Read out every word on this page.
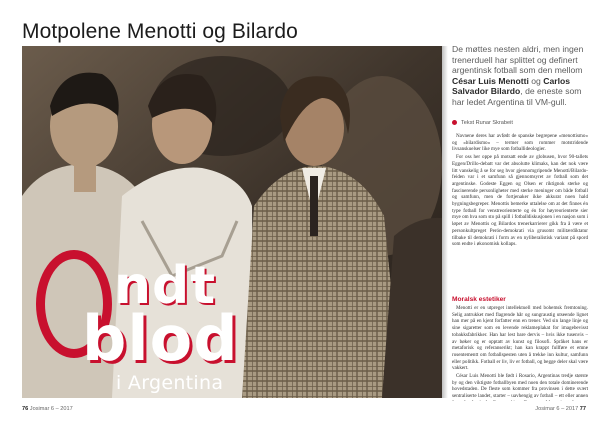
Motpolene Menotti og Bilardo
ndt
blod
i Argentina
De møttes nesten aldri, men ingen trenerduell har splittet og definert argentinsk fotball som den mellom César Luis Menotti og Carlos Salvador Bilardo, de eneste som har ledet Argentina til VM-gull.
Tekst Runar Skrabeit

Navnene deres har avfødt de spanske begrepene «menottismo» og «bilardismo» – termer som rommer motstridende livsanskuelser like mye som fotballideologier.

For oss her oppe på motsatt ende av globusen, hvor 90-tallets Eggen/Drillo-debatt var det absolutte klimaks, kan det nok være litt vanskelig å se for seg hvor gjennomgripende Menotti/Bilardo-feiden var i et samfunn så gjennomsyret av fotball som det argentinske. Godeste Eggen og Olsen er riktignok sterke og fascinerende personligheter med sterke meninger om både fotball og samfunn, men de fortjenaker ikke akkurat noen hald bygningsbegreper. Menottis bemerke uttalelse om at det finnes én type fotball for venstreorienterte og én for høyreorienterte sier mye om hva som sto på spill i fotballdiskusjonen i en nasjon som i løpet av Menottis og Bilardos trenerkarrierer gikk fra å være et personkultpreget Perón-demokrati via grusomt militærdiktatur tilbake til demokrati i form av en nyliberalistisk variant på spord som endte i økonomisk kollaps.

Moralsk estetiker

Menotti er en utpreget intellektuell med bohemsk fremtoning. Selig antrukket med flagrende hår og sungraustig utseende lignet han mer på en kjent forfatter enn en trener. Ved sin lange linje og sine sigaretter som en levende reklameplakat for imagebevisst tobakksfabrikker. Han har lest bare dervis – hvis ikke tusenvis – av bøker og er opptatt av kunst og filosofi. Språket hans er metaforisk og referanserikt; han kan krappt fullføre et emne rosentementt om fotballspesten uten å trekke inn kultur, samfunn eller politikk. Fotball er liv, liv er fotball, og begge deler skal være vakkert.

César Luis Menotti ble født i Rosario, Argentinas tredje største by og den viktigste fotballbyen med noen den totale dominerende hovedstaden. De fleste som kommer fra provinsen i dette svært sentraliserte landet, starter – uavhengig av fotball – ett eller annen

76 Josimar 6 – 2017	Josimar 6 – 2017 77
